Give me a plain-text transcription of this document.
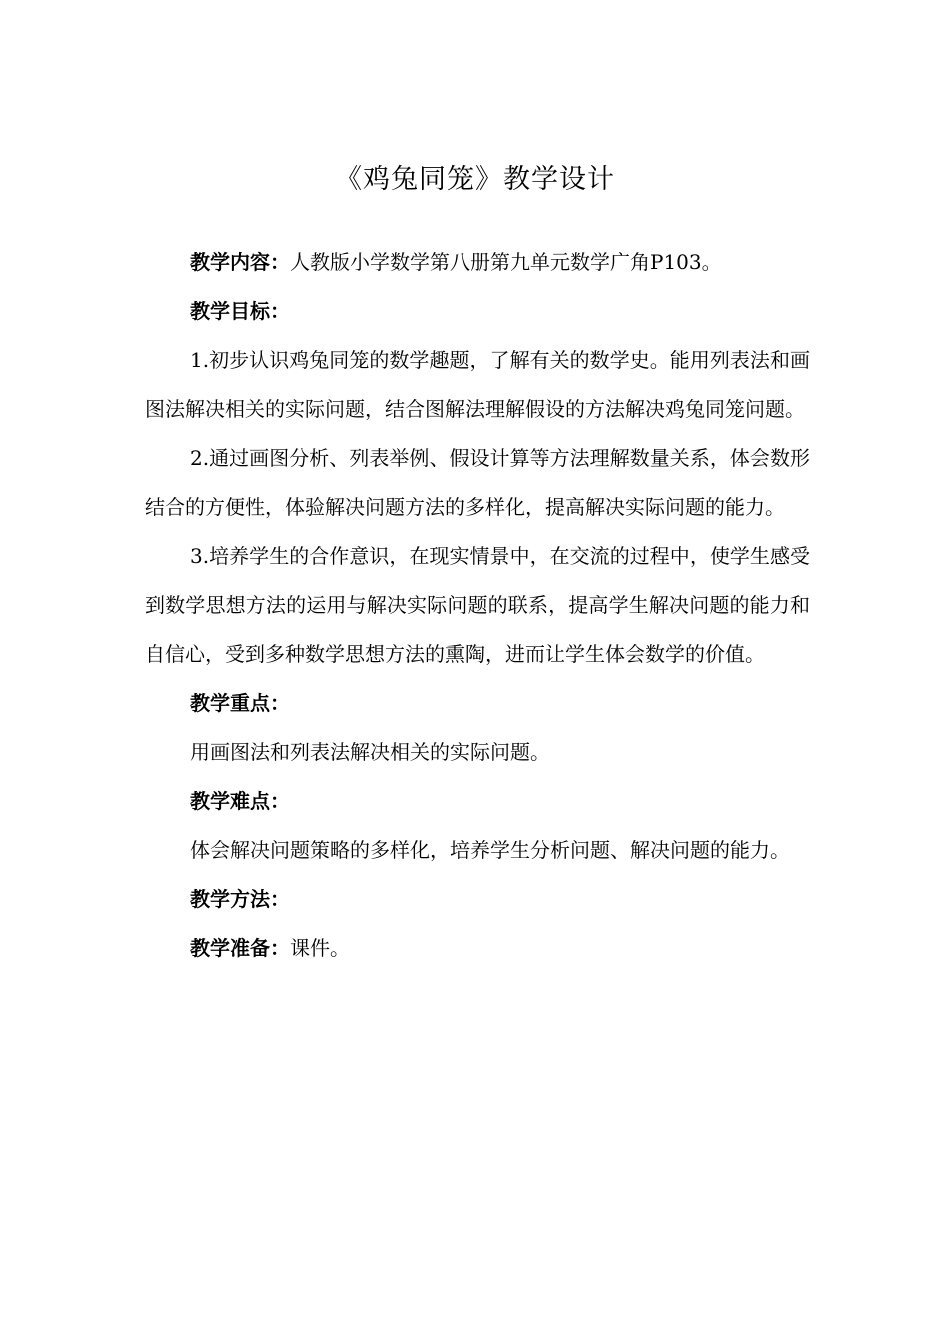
《鸡兔同笼》教学设计

教学内容：人教版小学数学第八册第九单元数学广角P103。

教学目标：

1.初步认识鸡兔同笼的数学趣题，了解有关的数学史。能用列表法和画图法解决相关的实际问题，结合图解法理解假设的方法解决鸡兔同笼问题。

2.通过画图分析、列表举例、假设计算等方法理解数量关系，体会数形结合的方便性，体验解决问题方法的多样化，提高解决实际问题的能力。

3.培养学生的合作意识，在现实情景中，在交流的过程中，使学生感受到数学思想方法的运用与解决实际问题的联系，提高学生解决问题的能力和自信心，受到多种数学思想方法的熏陶，进而让学生体会数学的价值。

教学重点：

用画图法和列表法解决相关的实际问题。

教学难点：

体会解决问题策略的多样化，培养学生分析问题、解决问题的能力。

教学方法：

教学准备：课件。
